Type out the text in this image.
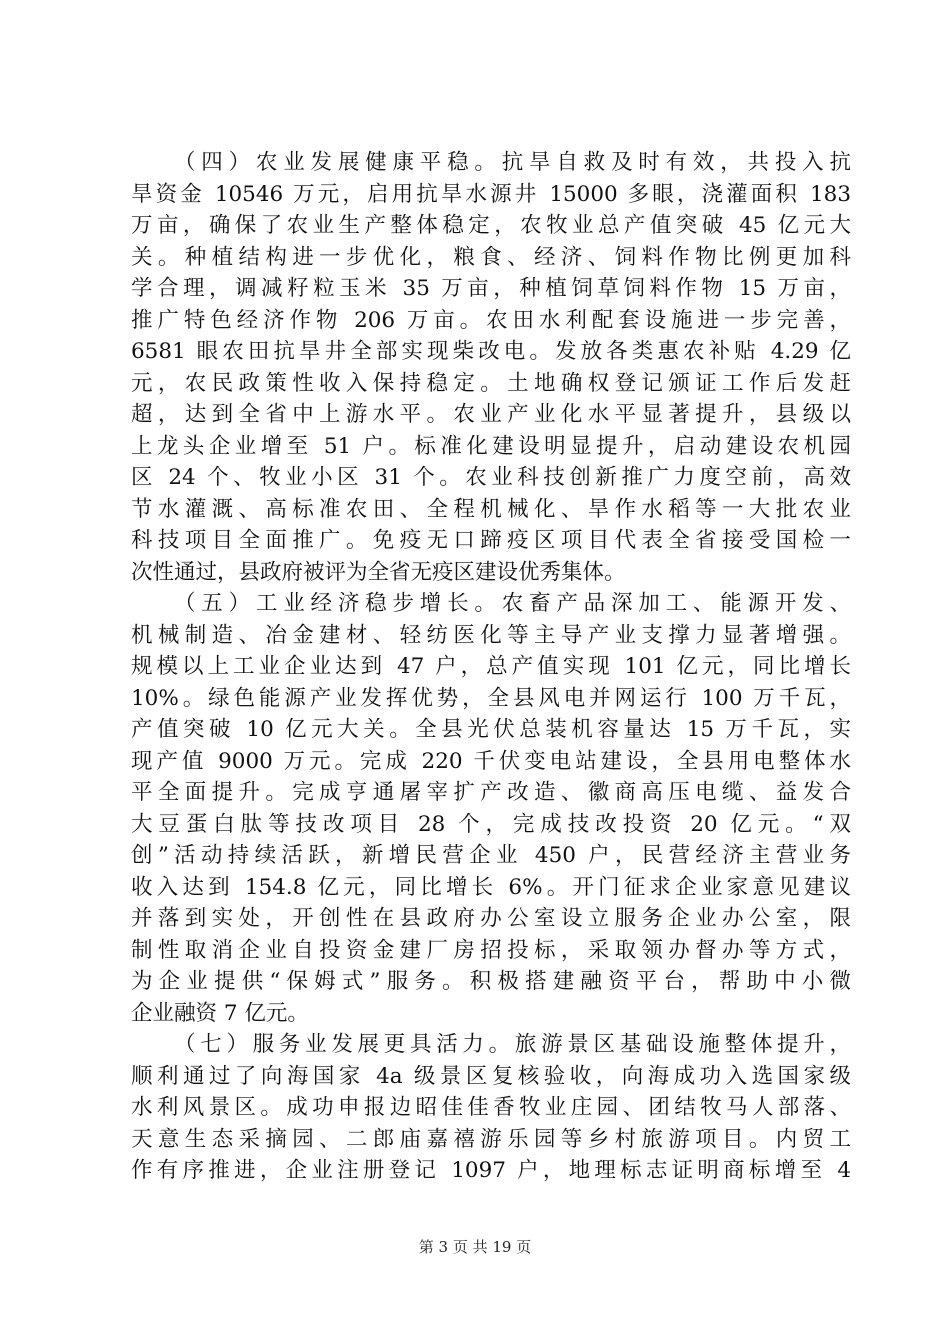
（四）农业发展健康平稳。抗旱自救及时有效，共投入抗
旱资金 10546 万元，启用抗旱水源井 15000 多眼，浇灌面积 183
万亩，确保了农业生产整体稳定，农牧业总产值突破 45 亿元大
关。种植结构进一步优化，粮食、经济、饲料作物比例更加科
学合理，调减籽粒玉米 35 万亩，种植饲草饲料作物 15 万亩，
推广特色经济作物 206 万亩。农田水利配套设施进一步完善，
6581 眼农田抗旱井全部实现柴改电。发放各类惠农补贴 4.29 亿
元，农民政策性收入保持稳定。土地确权登记颁证工作后发赶
超，达到全省中上游水平。农业产业化水平显著提升，县级以
上龙头企业增至 51 户。标准化建设明显提升，启动建设农机园
区 24 个、牧业小区 31 个。农业科技创新推广力度空前，高效
节水灌溉、高标准农田、全程机械化、旱作水稻等一大批农业
科技项目全面推广。免疫无口蹄疫区项目代表全省接受国检一
次性通过，县政府被评为全省无疫区建设优秀集体。
（五）工业经济稳步增长。农畜产品深加工、能源开发、
机械制造、冶金建材、轻纺医化等主导产业支撑力显著增强。
规模以上工业企业达到 47 户，总产值实现 101 亿元，同比增长
10%。绿色能源产业发挥优势，全县风电并网运行 100 万千瓦，
产值突破 10 亿元大关。全县光伏总装机容量达 15 万千瓦，实
现产值 9000 万元。完成 220 千伏变电站建设，全县用电整体水
平全面提升。完成亨通屠宰扩产改造、徽商高压电缆、益发合
大豆蛋白肽等技改项目 28 个，完成技改投资 20 亿元。“双
创”活动持续活跃，新增民营企业 450 户，民营经济主营业务
收入达到 154.8 亿元，同比增长 6%。开门征求企业家意见建议
并落到实处，开创性在县政府办公室设立服务企业办公室，限
制性取消企业自投资金建厂房招投标，采取领办督办等方式，
为企业提供“保姆式”服务。积极搭建融资平台，帮助中小微
企业融资 7 亿元。
（七）服务业发展更具活力。旅游景区基础设施整体提升，
顺利通过了向海国家 4a 级景区复核验收，向海成功入选国家级
水利风景区。成功申报边昭佳佳香牧业庄园、团结牧马人部落、
天意生态采摘园、二郎庙嘉禧游乐园等乡村旅游项目。内贸工
作有序推进，企业注册登记 1097 户，地理标志证明商标增至 4
第 3 页 共 19 页
